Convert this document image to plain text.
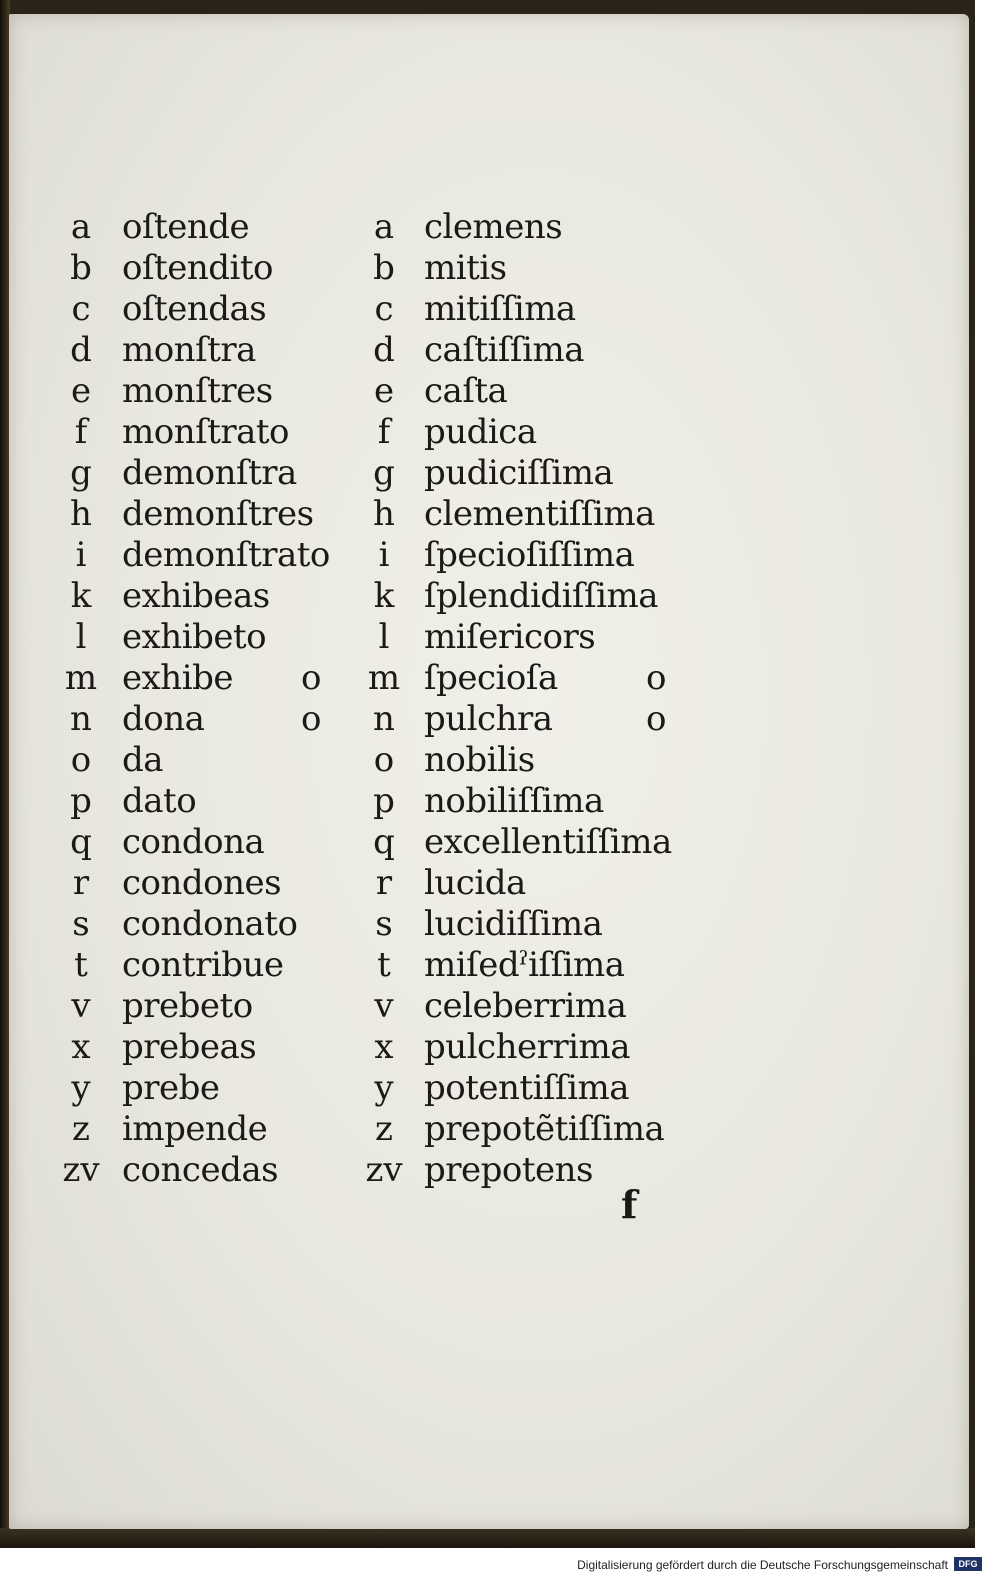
a oſtende
b oſtendito
c oſtendas
d monſtra
e monſtres
f	monſtrato
g demonſtra
h demonſtres
i	demonſtrato
k exhibeas
l	exhibeto
m exhibe o
n dona	o
o da
p dato
q condona
r condones
s condonato
t	contribue
v prebeto
x prebeas
y prebe
z impende
zv concedas
a clemens
b mitis
c mitiſſima
d caſtiſſima
e caſta
f pudica
g pudiciſſima
h clementiſſima
i	ſpecioſiſſima
k ſplendidiſſima
l	miſericors
m ſpecioſa	o
n pulchra	o
o nobilis
p nobiliſſima
q excellentiſſima
r lucida
s lucidiſſima
t miſedˀiſſima
v celeberrima
x pulcherrima
y potentiſſima
z prepotẽtiſſima
zv prepotens
f
Digitalisierung gefördert durch die Deutsche Forschungsgemeinschaft	DFG
